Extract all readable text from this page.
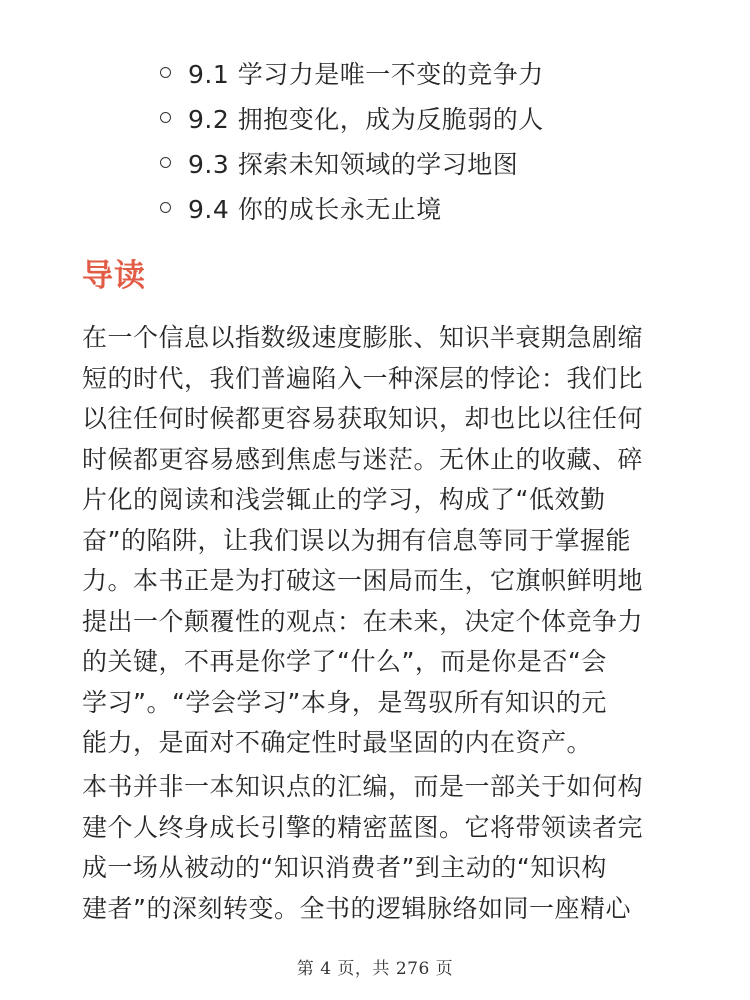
9.1 学习力是唯一不变的竞争力
9.2 拥抱变化，成为反脆弱的人
9.3 探索未知领域的学习地图
9.4 你的成长永无止境
导读

在一个信息以指数级速度膨胀、知识半衰期急剧缩
短的时代，我们普遍陷入一种深层的悖论：我们比
以往任何时候都更容易获取知识，却也比以往任何
时候都更容易感到焦虑与迷茫。无休止的收藏、碎
片化的阅读和浅尝辄止的学习，构成了“低效勤
奋”的陷阱，让我们误以为拥有信息等同于掌握能
力。本书正是为打破这一困局而生，它旗帜鲜明地
提出一个颠覆性的观点：在未来，决定个体竞争力
的关键，不再是你学了“什么”，而是你是否“会
学习”。“学会学习”本身，是驾驭所有知识的元
能力，是面对不确定性时最坚固的内在资产。

本书并非一本知识点的汇编，而是一部关于如何构
建个人终身成长引擎的精密蓝图。它将带领读者完
成一场从被动的“知识消费者”到主动的“知识构
建者”的深刻转变。全书的逻辑脉络如同一座精心

第 4 页，共 276 页
